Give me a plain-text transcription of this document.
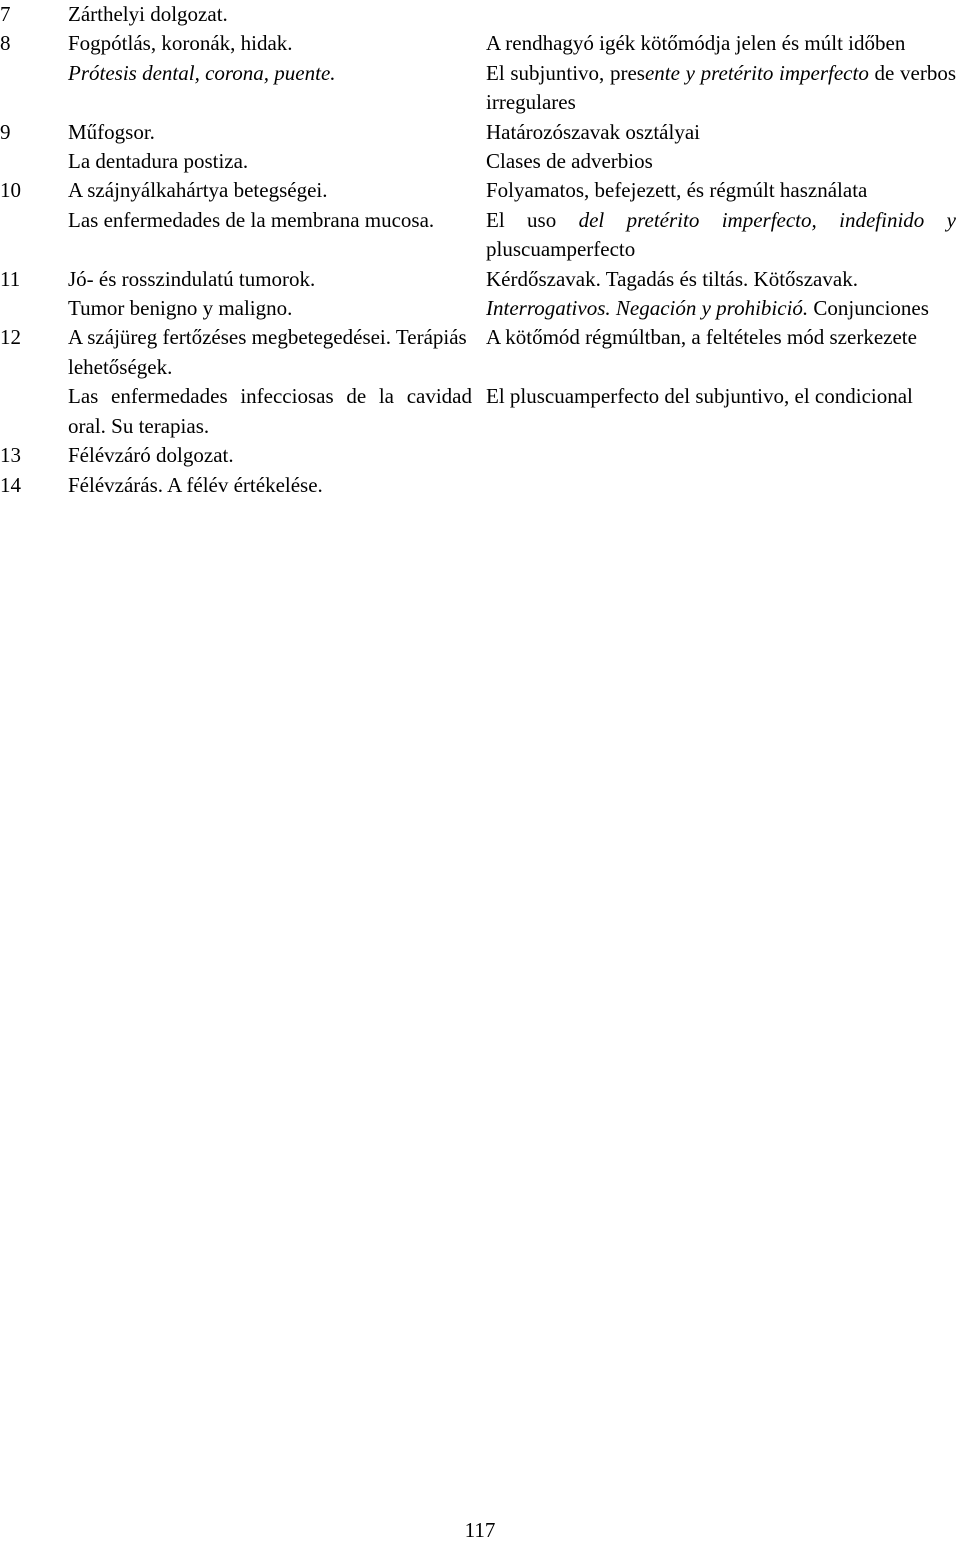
7	Zárthelyi dolgozat.	
8	Fogpótlás, koronák, hidak.	A rendhagyó igék kötőmódja jelen és múlt időben
	Prótesis dental, corona, puente.	El subjuntivo, presente y pretérito imperfecto de verbos irregulares
9	Műfogsor.	Határozószavak osztályai
	La dentadura postiza.	Clases de adverbios
10	A szájnyálkahártya betegségei.	Folyamatos, befejezett, és régmúlt használata
	Las enfermedades de la membrana mucosa.	El uso del pretérito imperfecto, indefinido y pluscuamperfecto
11	Jó- és rosszindulatú tumorok.	Kérdőszavak. Tagadás és tiltás. Kötőszavak.
	Tumor benigno y maligno.	Interrogativos. Negación y prohibició. Conjunciones
12	A szájüreg fertőzéses megbetegedései. Terápiás lehetőségek.	A kötőmód régmúltban, a feltételes mód szerkezete
	Las enfermedades infecciosas de la cavidad oral. Su terapias.	El pluscuamperfecto del subjuntivo, el condicional
13	Félévzáró dolgozat.	
14	Félévzárás. A félév értékelése.	
117
